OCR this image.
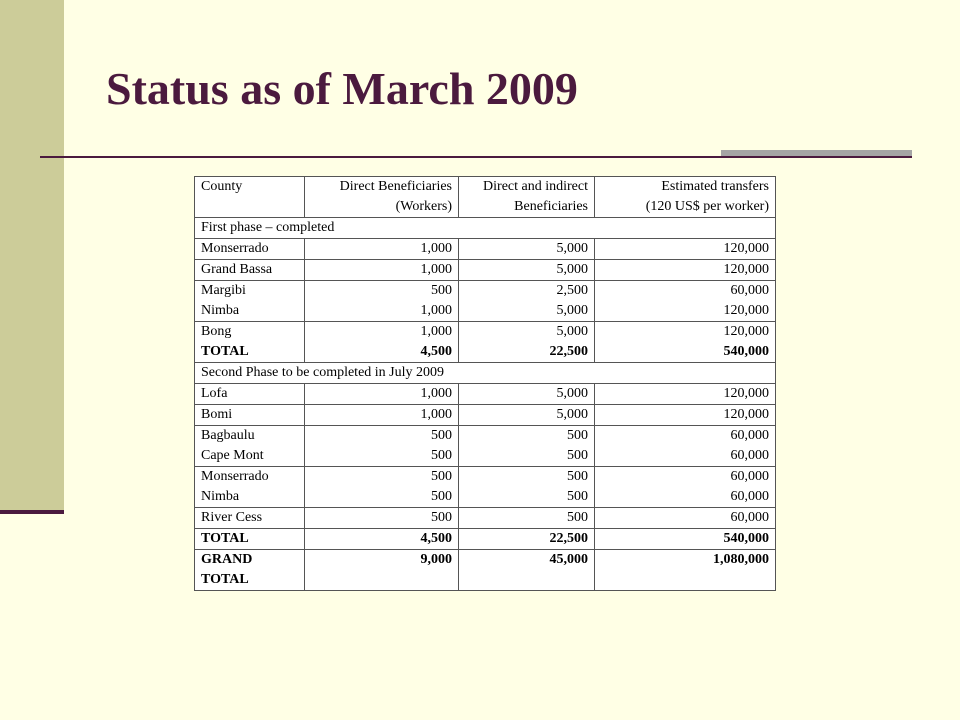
Status as of March 2009
County	Direct Beneficiaries	Direct and indirect	Estimated transfers
	(Workers)	Beneficiaries	(120 US$ per worker)
First phase – completed			
Monserrado	1,000	5,000	120,000
Grand Bassa	1,000	5,000	120,000
Margibi	500	2,500	60,000
Nimba	1,000	5,000	120,000
Bong	1,000	5,000	120,000
TOTAL	4,500	22,500	540,000
Second Phase to be completed in July 2009			
Lofa	1,000	5,000	120,000
Bomi	1,000	5,000	120,000
Bagbaulu	500	500	60,000
Cape Mont	500	500	60,000
Monserrado	500	500	60,000
Nimba	500	500	60,000
River Cess	500	500	60,000
TOTAL	4,500	22,500	540,000
GRAND	9,000	45,000	1,080,000
TOTAL			
